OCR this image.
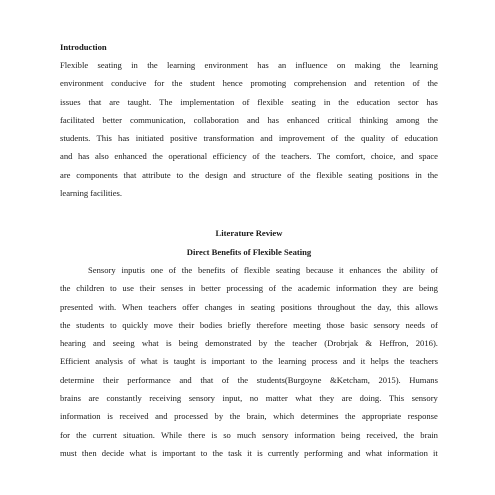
Introduction
Flexible seating in the learning environment has an influence on making the learning
environment conducive for the student hence promoting comprehension and retention of the
issues that are taught. The implementation of flexible seating in the education sector has
facilitated better communication, collaboration and has enhanced critical thinking among the
students. This has initiated positive transformation and improvement of the quality of education
and has also enhanced the operational efficiency of the teachers. The comfort, choice, and space
are components that attribute to the design and structure of the flexible seating positions in the
learning facilities.
Literature Review
Direct Benefits of Flexible Seating
Sensory inputis one of the benefits of flexible seating because it enhances the ability of
the children to use their senses in better processing of the academic information they are being
presented with. When teachers offer changes in seating positions throughout the day, this allows
the students to quickly move their bodies briefly therefore meeting those basic sensory needs of
hearing and seeing what is being demonstrated by the teacher (Drobrjak & Heffron, 2016).
Efficient analysis of what is taught is important to the learning process and it helps the teachers
determine their performance and that of the students(Burgoyne &Ketcham, 2015). Humans
brains are constantly receiving sensory input, no matter what they are doing. This sensory
information is received and processed by the brain, which determines the appropriate response
for the current situation. While there is so much sensory information being received, the brain
must then decide what is important to the task it is currently performing and what information it
